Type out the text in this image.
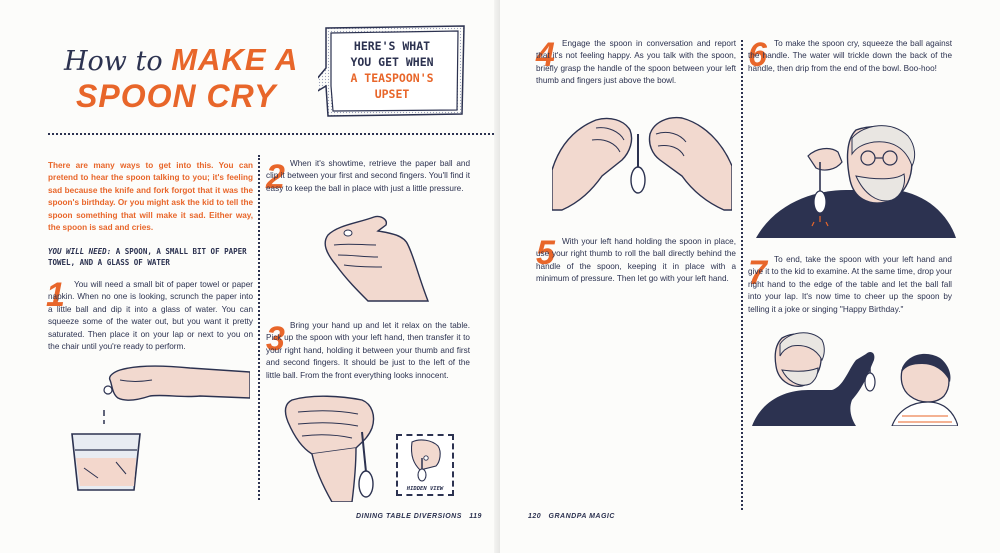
How to MAKE A
SPOON CRY
HERE'S WHAT
YOU GET WHEN
A TEASPOON'S
UPSET
There are many ways to get into this. You can pretend to hear the spoon talking to you; it's feeling sad because the knife and fork forgot that it was the spoon's birthday. Or you might ask the kid to tell the spoon something that will make it sad. Either way, the spoon is sad and cries.
YOU WILL NEED: A SPOON, A SMALL BIT OF PAPER TOWEL, AND A GLASS OF WATER
1	You will need a small bit of paper towel or paper napkin. When no one is looking, scrunch the paper into a little ball and dip it into a glass of water. You can squeeze some of the water out, but you want it pretty saturated. Then place it on your lap or next to you on the chair until you're ready to perform.
2 When it's showtime, retrieve the paper ball and clip it between your first and second fingers. You'll find it easy to keep the ball in place with just a little pressure.
3 Bring your hand up and let it relax on the table. Pick up the spoon with your left hand, then transfer it to your right hand, holding it between your thumb and first and second fingers. It should be just to the left of the little ball. From the front everything looks innocent.
HIDDEN VIEW
DINING TABLE DIVERSIONS 119
4 Engage the spoon in conversation and report that it's not feeling happy. As you talk with the spoon, briefly grasp the handle of the spoon between your left thumb and fingers just above the bowl.
5 With your left hand holding the spoon in place, use your right thumb to roll the ball directly behind the handle of the spoon, keeping it in place with a minimum of pressure. Then let go with your left hand.
6 To make the spoon cry, squeeze the ball against the handle. The water will trickle down the back of the handle, then drip from the end of the bowl. Boo-hoo!
7 To end, take the spoon with your left hand and give it to the kid to examine. At the same time, drop your right hand to the edge of the table and let the ball fall into your lap. It's now time to cheer up the spoon by telling it a joke or singing "Happy Birthday."
120 GRANDPA MAGIC
